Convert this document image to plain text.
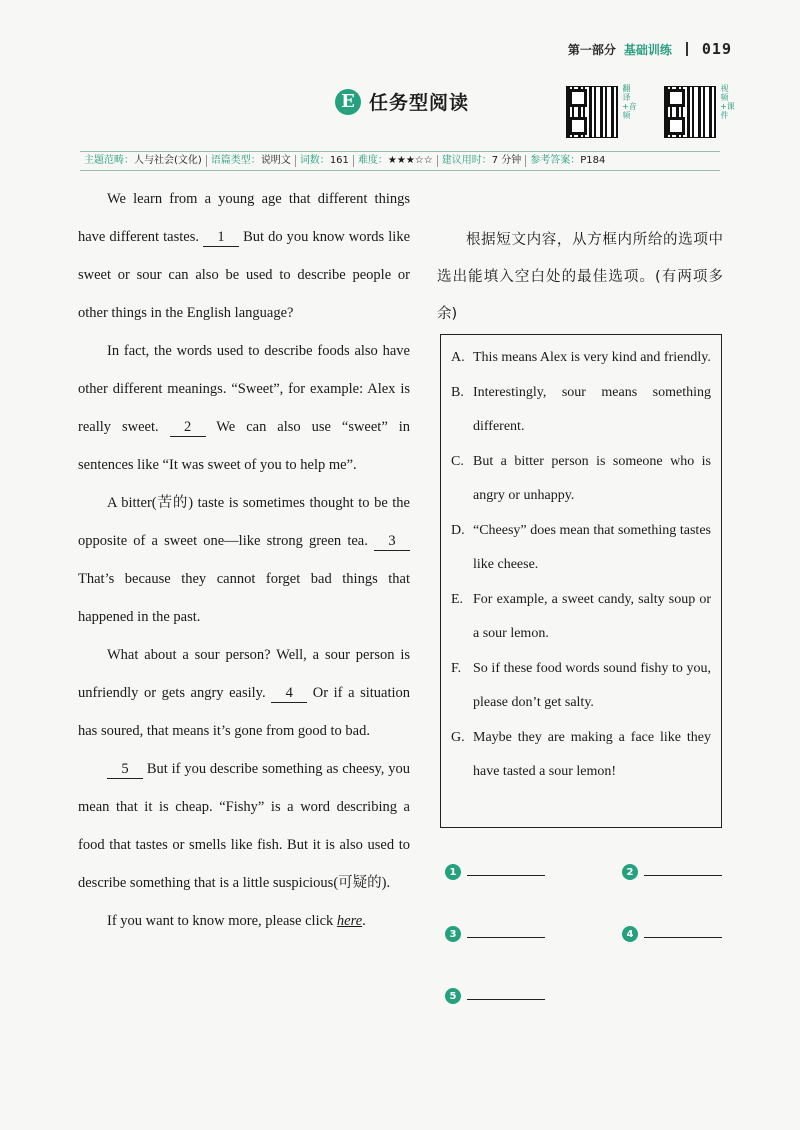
第一部分 基础训练 019
E 任务型阅读
翻译+音频
视频+课件
主题范畴：人与社会(文化) 语篇类型：说明文 词数：161 难度：★★★☆☆ 建议用时：7 分钟 参考答案：P184

We learn from a young age that different things have different tastes. 1 But do you know words like sweet or sour can also be used to describe people or other things in the English language?

In fact, the words used to describe foods also have other different meanings. “Sweet”, for example: Alex is really sweet. 2 We can also use “sweet” in sentences like “It was sweet of you to help me”.

A bitter(苦的) taste is sometimes thought to be the opposite of a sweet one—like strong green tea. 3 That’s because they cannot forget bad things that happened in the past.

What about a sour person? Well, a sour person is unfriendly or gets angry easily. 4 Or if a situation has soured, that means it’s gone from good to bad.

5 But if you describe something as cheesy, you mean that it is cheap. “Fishy” is a word describing a food that tastes or smells like fish. But it is also used to describe something that is a little suspicious(可疑的).

If you want to know more, please click here.

根据短文内容，从方框内所给的选项中选出能填入空白处的最佳选项。(有两项多余)
A. This means Alex is very kind and friendly.
B. Interestingly, sour means something different.
C. But a bitter person is someone who is angry or unhappy.
D. “Cheesy” does mean that something tastes like cheese.
E. For example, a sweet candy, salty soup or a sour lemon.
F. So if these food words sound fishy to you, please don’t get salty.
G. Maybe they are making a face like they have tasted a sour lemon!
1	2
3	4
5
